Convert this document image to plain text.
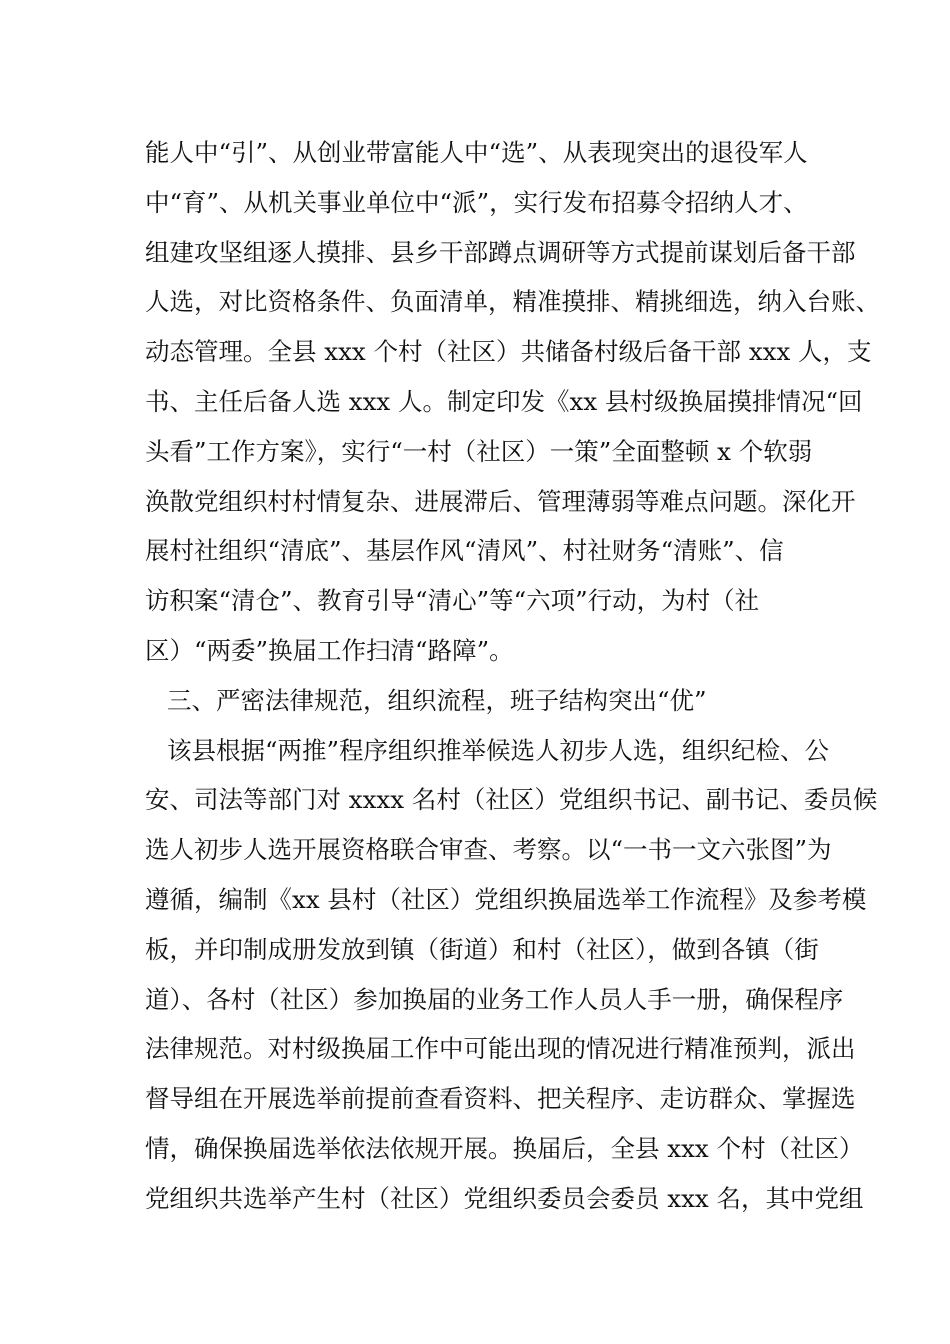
能人中“引”、从创业带富能人中“选”、从表现突出的退役军人
中“育”、从机关事业单位中“派”，实行发布招募令招纳人才、
组建攻坚组逐人摸排、县乡干部蹲点调研等方式提前谋划后备干部
人选，对比资格条件、负面清单，精准摸排、精挑细选，纳入台账、
动态管理。全县 xxx 个村（社区）共储备村级后备干部 xxx 人，支
书、主任后备人选 xxx 人。制定印发《xx 县村级换届摸排情况“回
头看”工作方案》，实行“一村（社区）一策”全面整顿 x 个软弱
涣散党组织村村情复杂、进展滞后、管理薄弱等难点问题。深化开
展村社组织“清底”、基层作风“清风”、村社财务“清账”、信
访积案“清仓”、教育引导“清心”等“六项”行动，为村（社
区）“两委”换届工作扫清“路障”。
三、严密法律规范，组织流程，班子结构突出“优”
该县根据“两推”程序组织推举候选人初步人选，组织纪检、公
安、司法等部门对 xxxx 名村（社区）党组织书记、副书记、委员候
选人初步人选开展资格联合审查、考察。以“一书一文六张图”为
遵循，编制《xx 县村（社区）党组织换届选举工作流程》及参考模
板，并印制成册发放到镇（街道）和村（社区），做到各镇（街
道）、各村（社区）参加换届的业务工作人员人手一册，确保程序
法律规范。对村级换届工作中可能出现的情况进行精准预判，派出
督导组在开展选举前提前查看资料、把关程序、走访群众、掌握选
情，确保换届选举依法依规开展。换届后，全县 xxx 个村（社区）
党组织共选举产生村（社区）党组织委员会委员 xxx 名，其中党组
